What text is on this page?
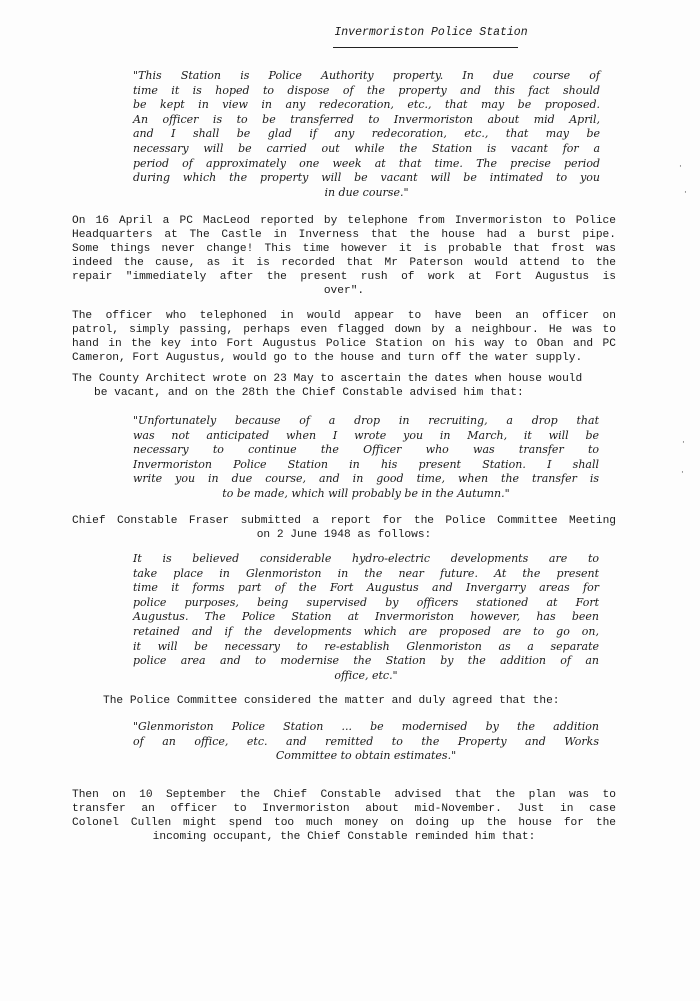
Invermoriston Police Station
"This Station is Police Authority property. In due course of
time it is hoped to dispose of the property and this fact should
be kept in view in any redecoration, etc., that may be proposed.
An officer is to be transferred to Invermoriston about mid April,
and I shall be glad if any redecoration, etc., that may be
necessary will be carried out while the Station is vacant for a
period of approximately one week at that time. The precise period
during which the property will be vacant will be intimated to you
in due course."
On 16 April a PC MacLeod reported by telephone from Invermoriston to Police
Headquarters at The Castle in Inverness that the house had a burst pipe.
Some things never change! This time however it is probable that frost was
indeed the cause, as it is recorded that Mr Paterson would attend to the
repair "immediately after the present rush of work at Fort Augustus is
over".
The officer who telephoned in would appear to have been an officer on
patrol, simply passing, perhaps even flagged down by a neighbour. He was to
hand in the key into Fort Augustus Police Station on his way to Oban and PC
Cameron, Fort Augustus, would go to the house and turn off the water supply.
The County Architect wrote on 23 May to ascertain the dates when house would
be vacant, and on the 28th the Chief Constable advised him that:
"Unfortunately because of a drop in recruiting, a drop that
was not anticipated when I wrote you in March, it will be
necessary to continue the Officer who was transfer to
Invermoriston Police Station in his present Station. I shall
write you in due course, and in good time, when the transfer is
to be made, which will probably be in the Autumn."
Chief Constable Fraser submitted a report for the Police Committee Meeting
on 2 June 1948 as follows:
It is believed considerable hydro-electric developments are to
take place in Glenmoriston in the near future. At the present
time it forms part of the Fort Augustus and Invergarry areas for
police purposes, being supervised by officers stationed at Fort
Augustus. The Police Station at Invermoriston however, has been
retained and if the developments which are proposed are to go on,
it will be necessary to re-establish Glenmoriston as a separate
police area and to modernise the Station by the addition of an
office, etc."
The Police Committee considered the matter and duly agreed that the:
"Glenmoriston Police Station ... be modernised by the addition
of an office, etc. and remitted to the Property and Works
Committee to obtain estimates."
Then on 10 September the Chief Constable advised that the plan was to
transfer an officer to Invermoriston about mid-November. Just in case
Colonel Cullen might spend too much money on doing up the house for the
incoming occupant, the Chief Constable reminded him that:
·
·
·
·
